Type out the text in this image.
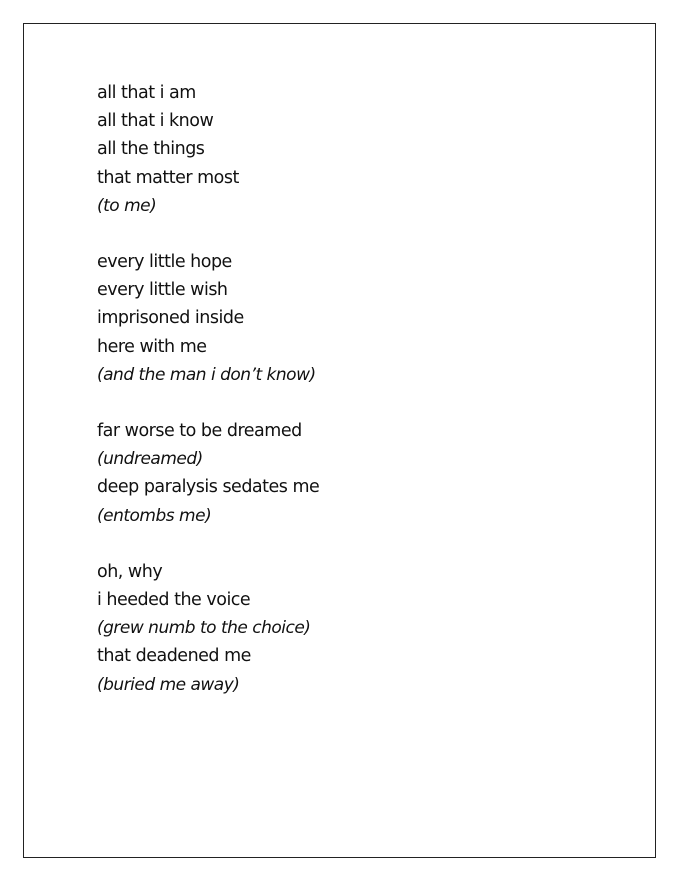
all that i am
all that i know
all the things
that matter most
(to me)
every little hope
every little wish
imprisoned inside
here with me
(and the man i don’t know)
far worse to be dreamed
(undreamed)
deep paralysis sedates me
(entombs me)
oh, why
i heeded the voice
(grew numb to the choice)
that deadened me
(buried me away)
